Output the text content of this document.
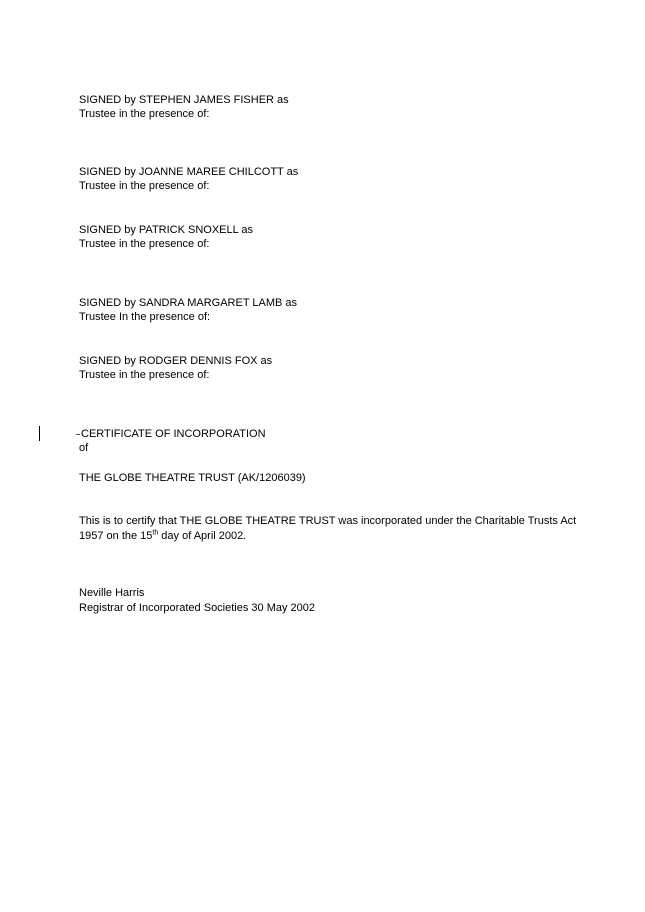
SIGNED by STEPHEN JAMES FISHER as
Trustee in the presence of:
SIGNED by JOANNE MAREE CHILCOTT as
Trustee in the presence of:
SIGNED by PATRICK SNOXELL as
Trustee in the presence of:
SIGNED by SANDRA MARGARET LAMB as
Trustee In the presence of:
SIGNED by RODGER DENNIS FOX as
Trustee in the presence of:
CERTIFICATE OF INCORPORATION
of
THE GLOBE THEATRE TRUST (AK/1206039)
This is to certify that THE GLOBE THEATRE TRUST was incorporated under the Charitable Trusts Act
1957 on the 15th day of April 2002.
Neville Harris
Registrar of Incorporated Societies 30 May 2002
